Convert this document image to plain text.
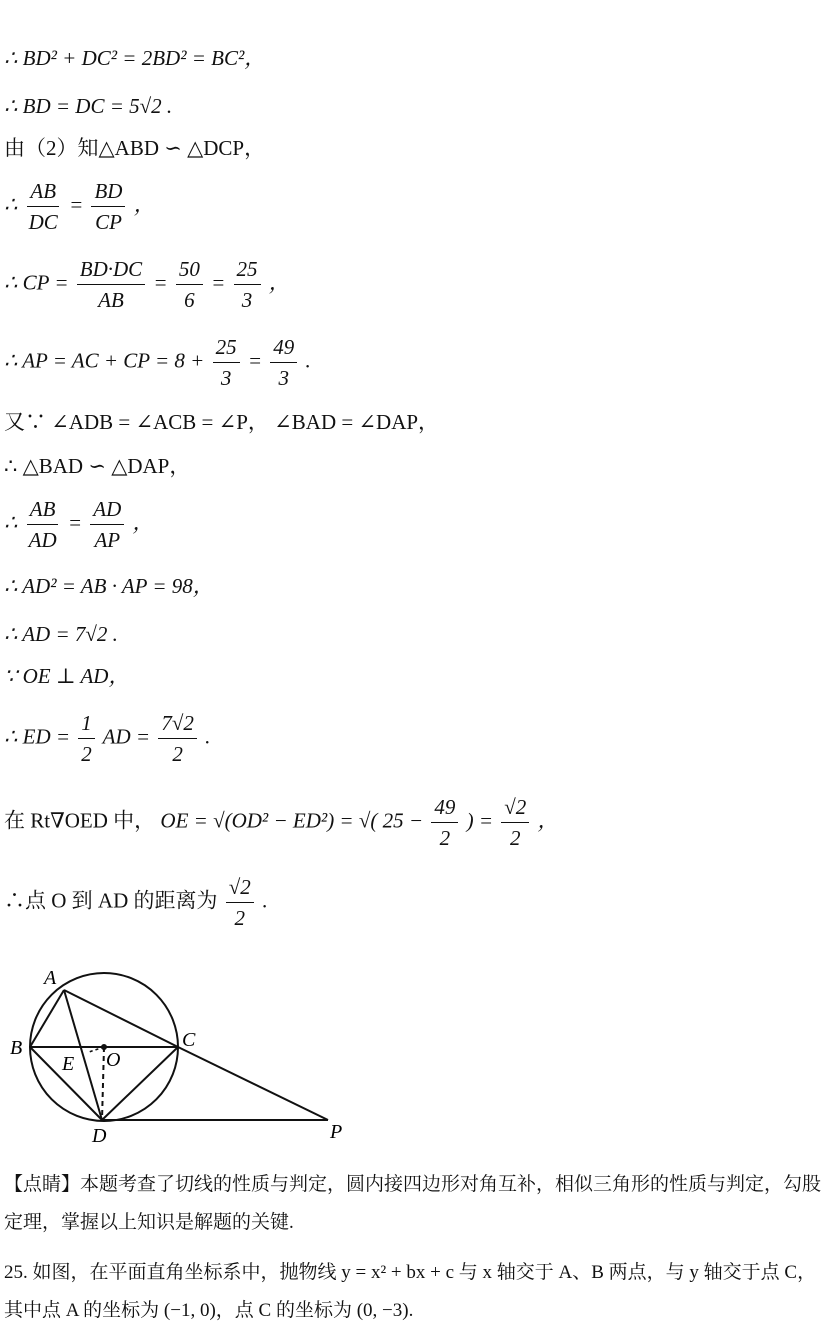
∴ BD² + DC² = 2BD² = BC²，
∴ BD = DC = 5√2 .
由（2）知△ABD ∽ △DCP，
∴ $\frac{AB}{DC} = \frac{BD}{CP}$ ，
∴ CP = $\frac{BD\cdot DC}{AB} = \frac{50}{6} = \frac{25}{3}$ ，
∴ AP = AC + CP = $8 + \frac{25}{3} = \frac{49}{3}$ .
又∵ ∠ADB = ∠ACB = ∠P， ∠BAD = ∠DAP，
∴ △BAD ∽ △DAP，
∴ $\frac{AB}{AD} = \frac{AD}{AP}$ ，
∴ AD² = AB · AP = 98，
∴ AD = 7√2 .
∵ OE ⊥ AD，
∴ ED = $\frac{1}{2}$ AD = $\frac{7√2}{2}$ .
在 Rt∇OED 中， OE = √(OD² − ED²) = √( $25 - \frac{49}{2}$ ) = $\frac{√2}{2}$ ，
∴点 O 到 AD 的距离为 $\frac{√2}{2}$ .
A
B	C
D
E O
P
【点睛】本题考查了切线的性质与判定，圆内接四边形对角互补，相似三角形的性质与判定，勾股定理，掌握以上知识是解题的关键.
25. 如图，在平面直角坐标系中，抛物线 y = x² + bx + c 与 x 轴交于 A、B 两点，与 y 轴交于点 C，其中点 A 的坐标为 (−1, 0)，点 C 的坐标为 (0, −3).
